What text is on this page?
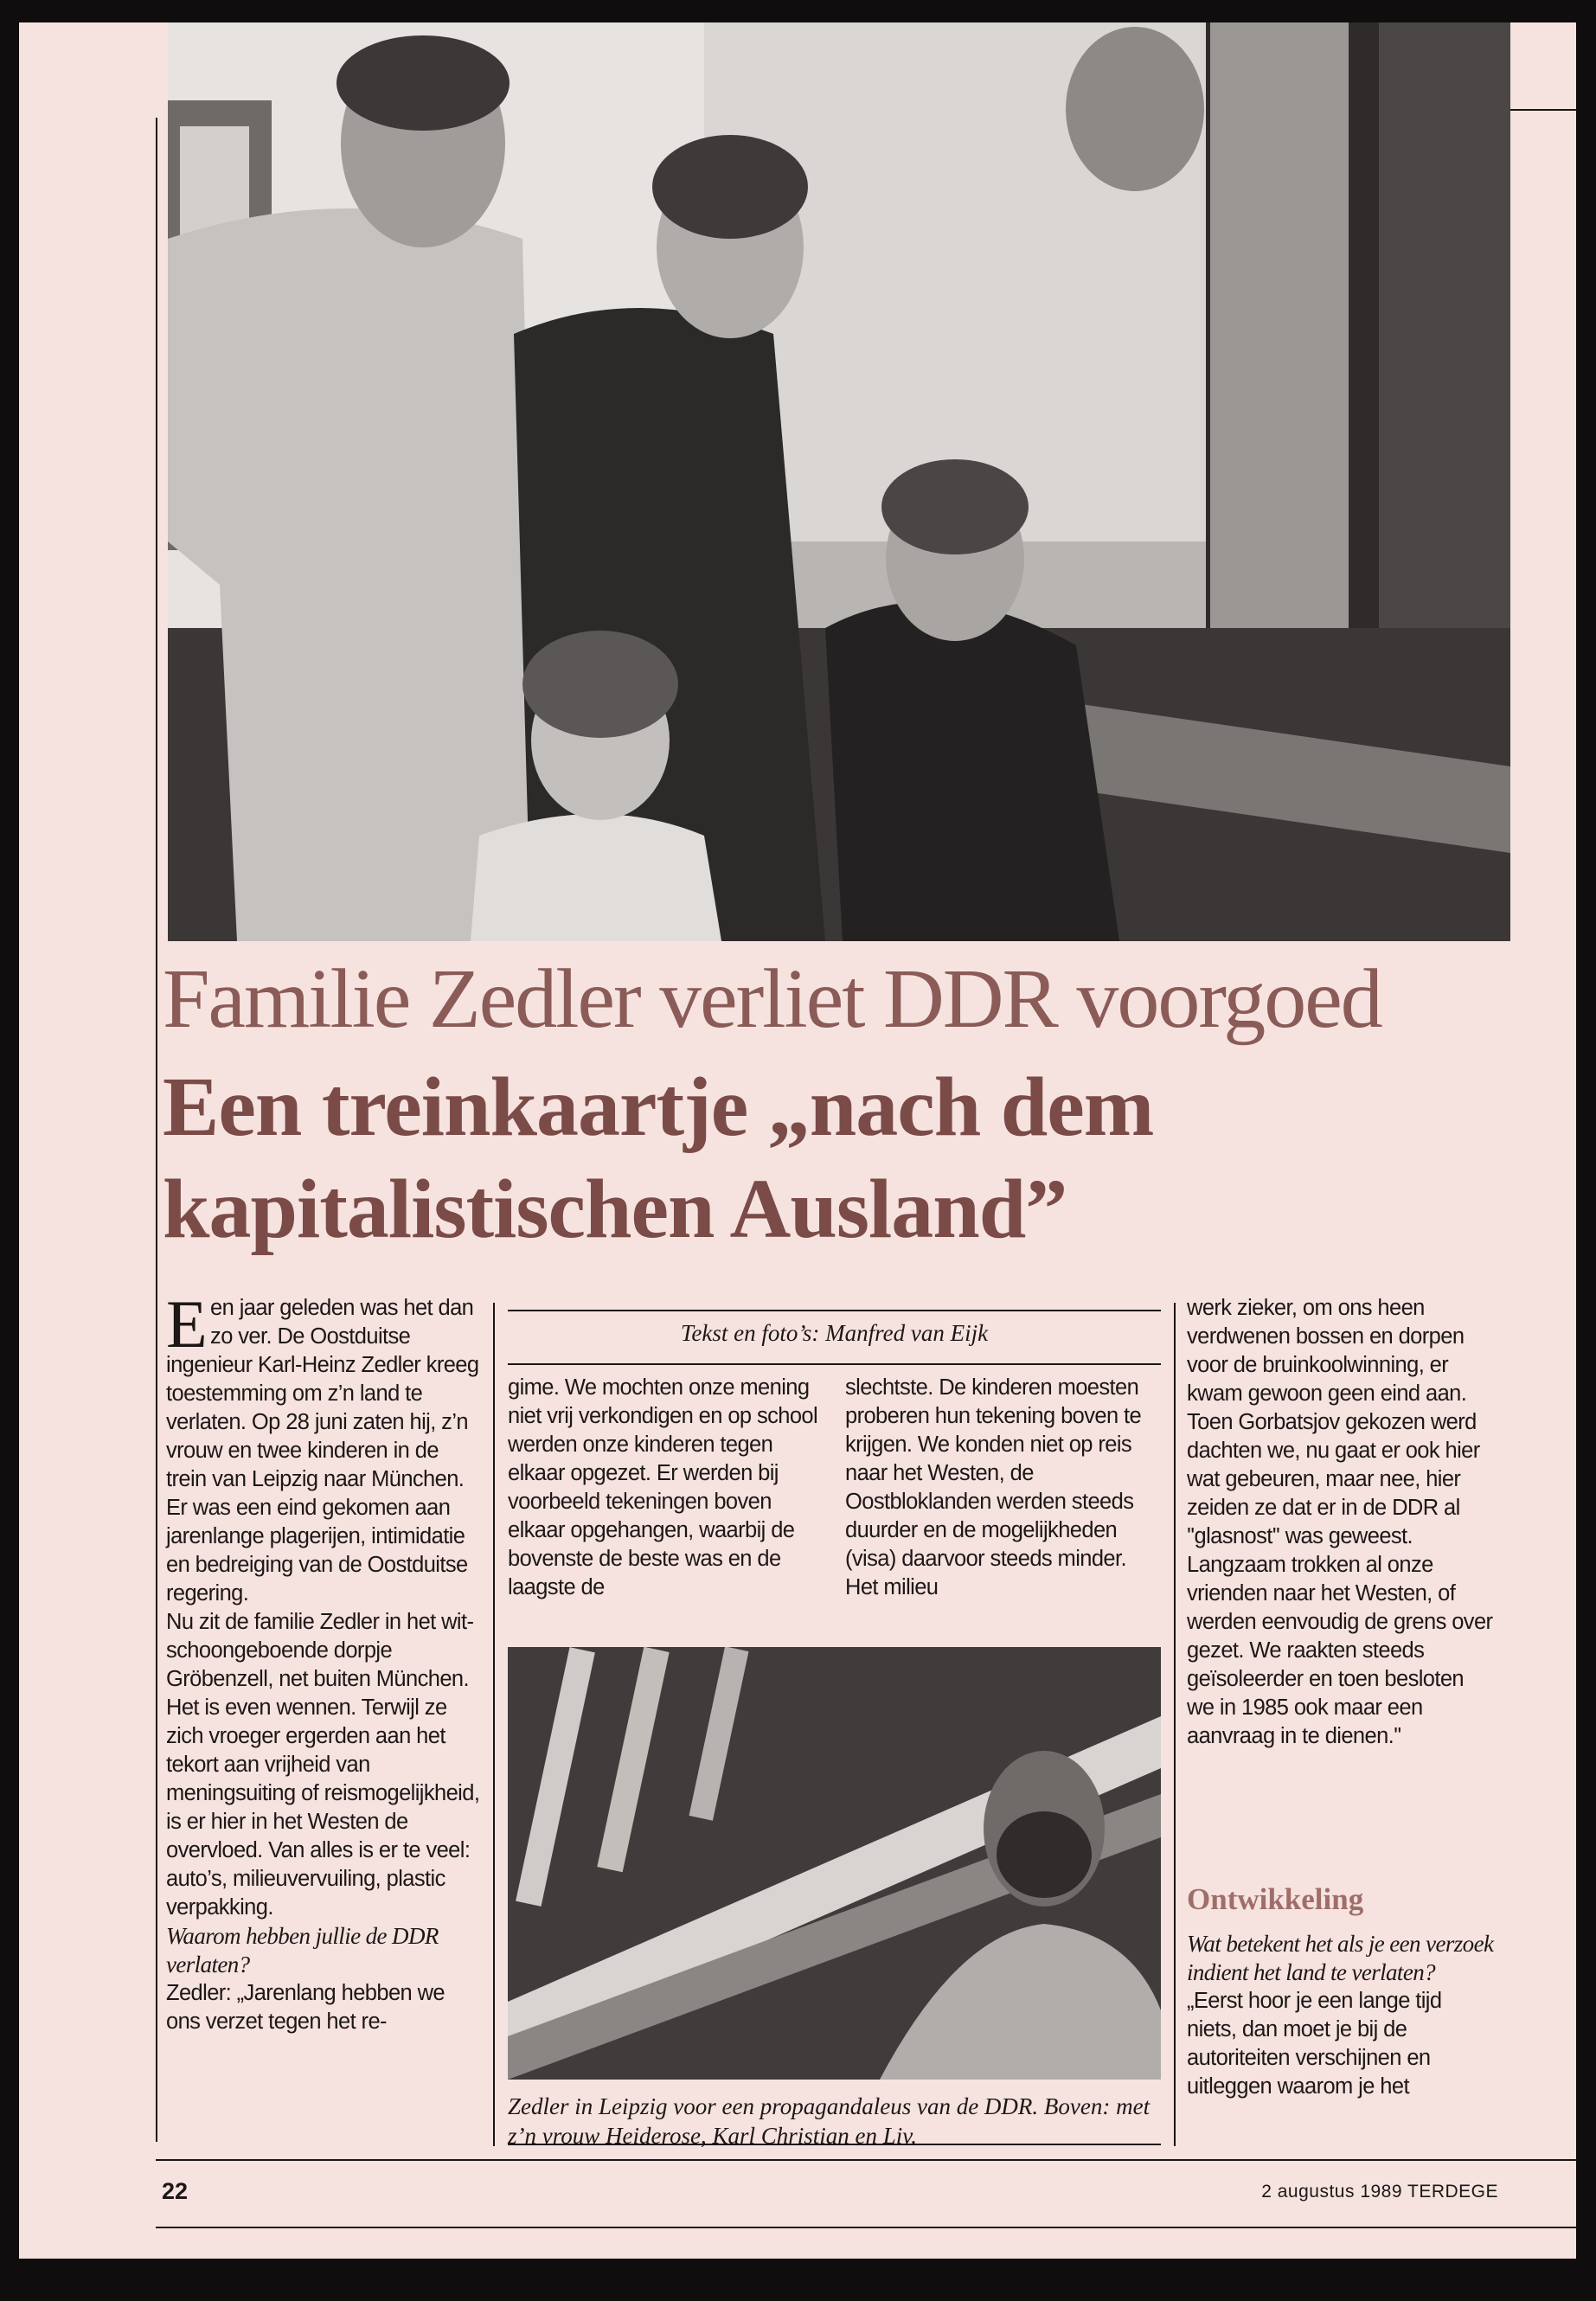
Familie Zedler verliet DDR voorgoed
Een treinkaartje „nach dem kapitalistischen Ausland”

Een jaar geleden was het dan zo ver. De Oostduitse ingenieur Karl-Heinz Zedler kreeg toestemming om z’n land te verlaten. Op 28 juni zaten hij, z’n vrouw en twee kinderen in de trein van Leipzig naar München. Er was een eind gekomen aan jarenlange plagerijen, intimidatie en bedreiging van de Oostduitse regering.

Nu zit de familie Zedler in het wit-schoongeboende dorpje Gröbenzell, net buiten München. Het is even wennen. Terwijl ze zich vroeger ergerden aan het tekort aan vrijheid van meningsuiting of reismogelijkheid, is er hier in het Westen de overvloed. Van alles is er te veel: auto’s, milieuvervuiling, plastic verpakking.

Waarom hebben jullie de DDR verlaten?

Zedler: „Jarenlang hebben we ons verzet tegen het re-

Tekst en foto’s: Manfred van Eijk

gime. We mochten onze mening niet vrij verkondigen en op school werden onze kinderen tegen elkaar opgezet. Er werden bij voorbeeld tekeningen boven elkaar opgehangen, waarbij de bovenste de beste was en de laagste de

slechtste. De kinderen moesten proberen hun tekening boven te krijgen. We konden niet op reis naar het Westen, de Oostbloklanden werden steeds duurder en de mogelijkheden (visa) daarvoor steeds minder. Het milieu

Zedler in Leipzig voor een propagandaleus van de DDR. Boven: met z’n vrouw Heiderose, Karl Christian en Liv.

werk zieker, om ons heen verdwenen bossen en dorpen voor de bruinkoolwinning, er kwam gewoon geen eind aan. Toen Gorbatsjov gekozen werd dachten we, nu gaat er ook hier wat gebeuren, maar nee, hier zeiden ze dat er in de DDR al ''glasnost'' was geweest.

Langzaam trokken al onze vrienden naar het Westen, of werden eenvoudig de grens over gezet. We raakten steeds geïsoleerder en toen besloten we in 1985 ook maar een aanvraag in te dienen.''

Ontwikkeling

Wat betekent het als je een verzoek indient het land te verlaten?

„Eerst hoor je een lange tijd niets, dan moet je bij de autoriteiten verschijnen en uitleggen waarom je het

22	2 augustus 1989 TERDEGE
